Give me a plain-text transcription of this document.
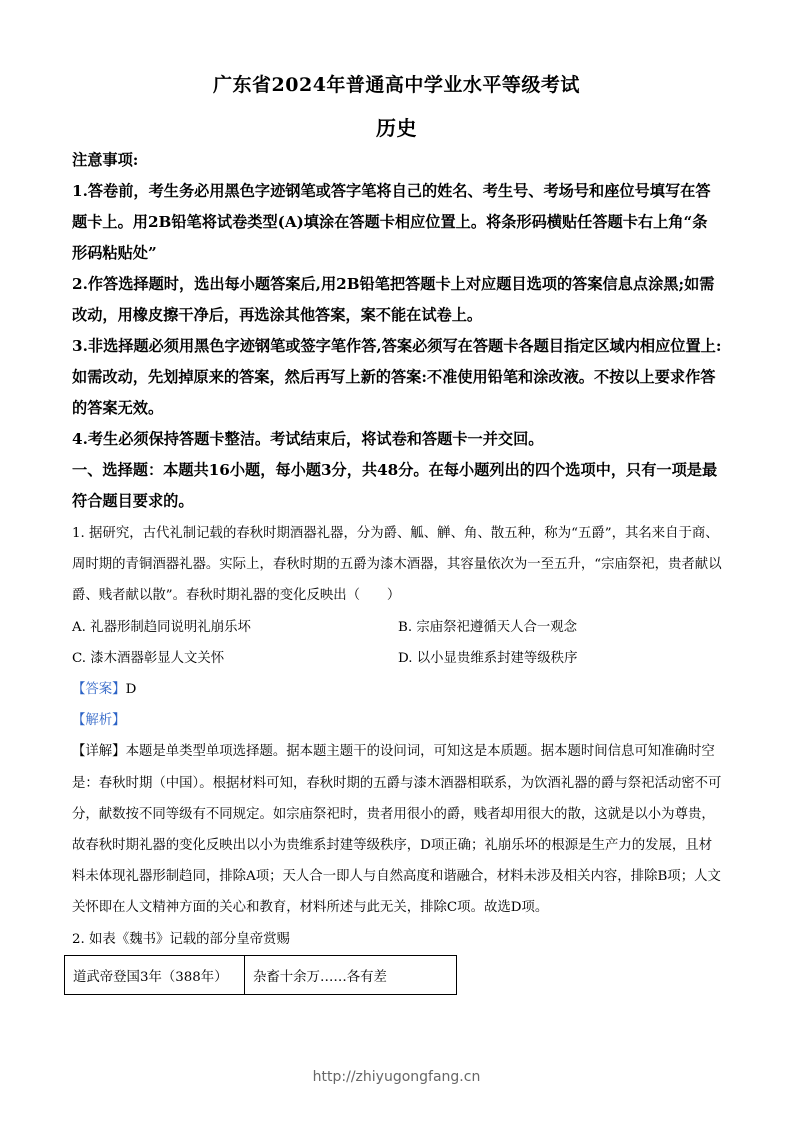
广东省2024年普通高中学业水平等级考试
历史

注意事项:

1.答卷前，考生务必用黑色字迹钢笔或答字笔将自己的姓名、考生号、考场号和座位号填写在答题卡上。用2B铅笔将试卷类型(A)填涂在答题卡相应位置上。将条形码横贴任答题卡右上角“条形码粘贴处”

2.作答选择题时，选出每小题答案后,用2B铅笔把答题卡上对应题目选项的答案信息点涂黑;如需改动，用橡皮擦干净后，再选涂其他答案，案不能在试卷上。

3.非选择题必须用黑色字迹钢笔或签字笔作答,答案必须写在答题卡各题目指定区域内相应位置上:如需改动，先划掉原来的答案，然后再写上新的答案:不准使用铅笔和涂改液。不按以上要求作答的答案无效。

4.考生必须保持答题卡整洁。考试结束后，将试卷和答题卡一并交回。

一、选择题：本题共16小题，每小题3分，共48分。在每小题列出的四个选项中，只有一项是最符合题目要求的。

1. 据研究，古代礼制记载的春秋时期酒器礼器，分为爵、觚、觯、角、散五种，称为“五爵”，其名来自于商、周时期的青铜酒器礼器。实际上，春秋时期的五爵为漆木酒器，其容量依次为一至五升，“宗庙祭祀，贵者献以爵、贱者献以散”。春秋时期礼器的变化反映出（　　）

A. 礼器形制趋同说明礼崩乐坏	B. 宗庙祭祀遵循天人合一观念
C. 漆木酒器彰显人文关怀	D. 以小显贵维系封建等级秩序

【答案】D

【解析】

【详解】本题是单类型单项选择题。据本题主题干的设问词，可知这是本质题。据本题时间信息可知准确时空是：春秋时期（中国）。根据材料可知，春秋时期的五爵与漆木酒器相联系，为饮酒礼器的爵与祭祀活动密不可分，献数按不同等级有不同规定。如宗庙祭祀时，贵者用很小的爵，贱者却用很大的散，这就是以小为尊贵，故春秋时期礼器的变化反映出以小为贵维系封建等级秩序，D项正确；礼崩乐坏的根源是生产力的发展，且材料未体现礼器形制趋同，排除A项；天人合一即人与自然高度和谐融合，材料未涉及相关内容，排除B项；人文关怀即在人文精神方面的关心和教育，材料所述与此无关，排除C项。故选D项。

2. 如表《魏书》记载的部分皇帝赏赐

道武帝登国3年（388年）	杂畜十余万……各有差
http://zhiyugongfang.cn
